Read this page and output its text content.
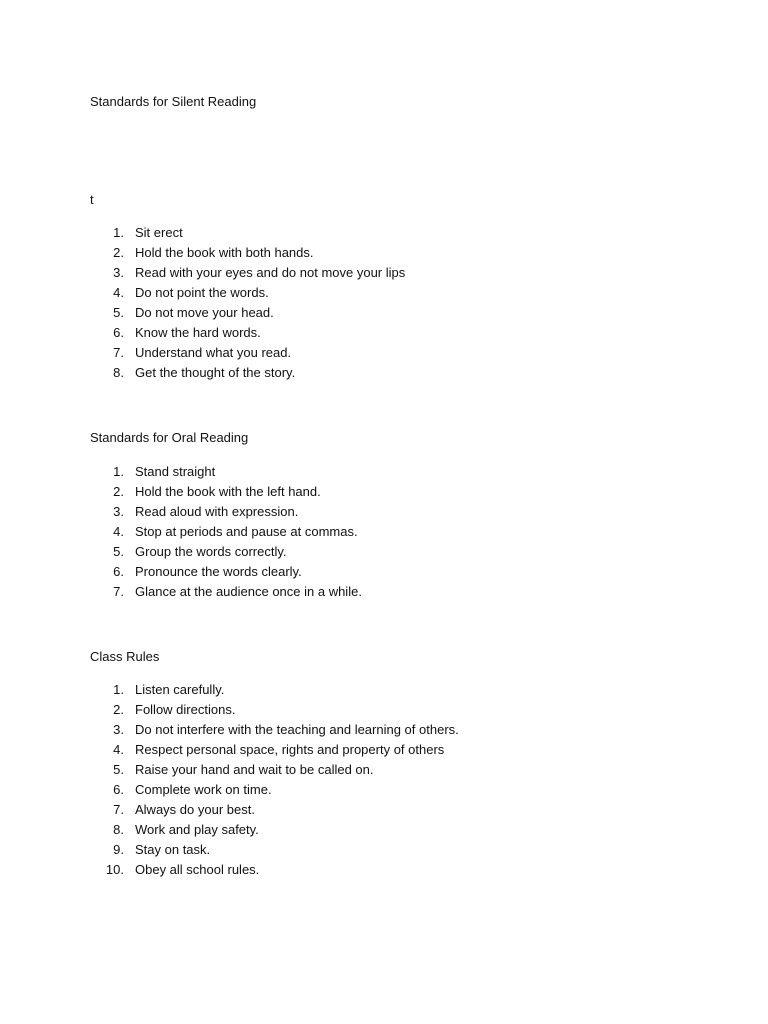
Standards for Silent Reading
t
1. Sit erect
2. Hold the book with both hands.
3. Read with your eyes and do not move your lips
4. Do not point the words.
5. Do not move your head.
6. Know the hard words.
7. Understand what you read.
8. Get the thought of the story.
Standards for Oral Reading
1. Stand straight
2. Hold the book with the left hand.
3. Read aloud with expression.
4. Stop at periods and pause at commas.
5. Group the words correctly.
6. Pronounce the words clearly.
7. Glance at the audience once in a while.
Class Rules
1. Listen carefully.
2. Follow directions.
3. Do not interfere with the teaching and learning of others.
4. Respect personal space, rights and property of others
5. Raise your hand and wait to be called on.
6. Complete work on time.
7. Always do your best.
8. Work and play safety.
9. Stay on task.
10. Obey all school rules.
